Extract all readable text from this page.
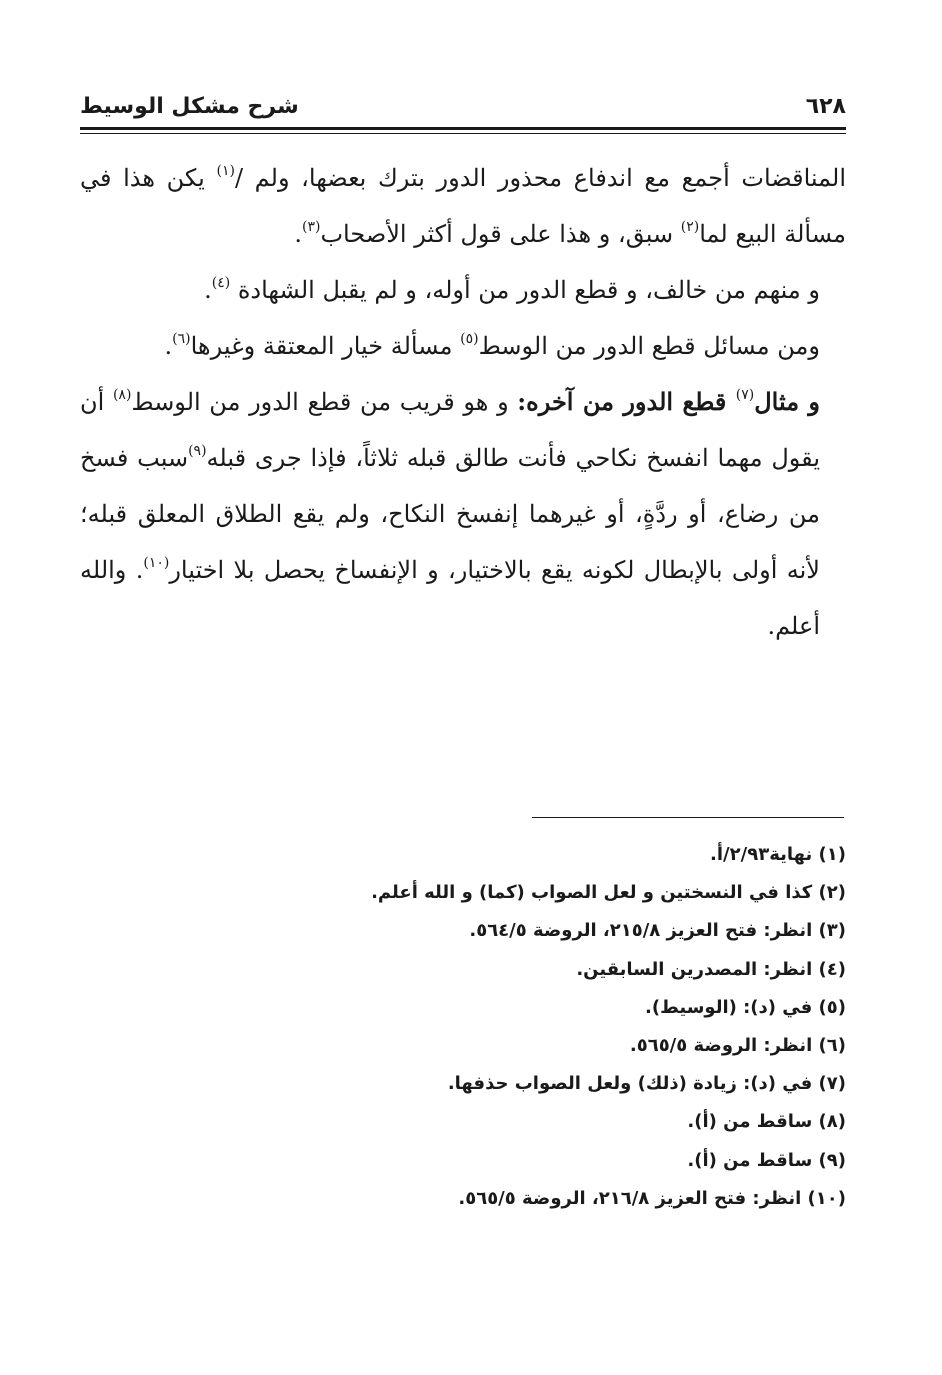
٦٢٨
شرح مشكل الوسيط

المناقضات أجمع مع اندفاع محذور الدور بترك بعضها، ولم /$^{(١)}$ يكن هذا في مسألة البيع لما$^{(٢)}$ سبق، و هذا على قول أكثر الأصحاب$^{(٣)}$.

و منهم من خالف، و قطع الدور من أوله، و لم يقبل الشهادة $^{(٤)}$.

ومن مسائل قطع الدور من الوسط$^{(٥)}$ مسألة خيار المعتقة وغيرها$^{(٦)}$.

و مثال$^{(٧)}$ قطع الدور من آخره: و هو قريب من قطع الدور من الوسط$^{(٨)}$ أن يقول مهما انفسخ نكاحي فأنت طالق قبله ثلاثاً، فإذا جرى قبله$^{(٩)}$سبب فسخ من رضاع، أو ردَّةٍ، أو غيرهما إنفسخ النكاح، ولم يقع الطلاق المعلق قبله؛ لأنه أولى بالإبطال لكونه يقع بالاختيار، و الإنفساخ يحصل بلا اختيار$^{(١٠)}$. والله أعلم.

(١) نهاية٢/٩٣/أ.

(٢) كذا في النسختين و لعل الصواب (كما) و الله أعلم.

(٣) انظر: فتح العزيز ٢١٥/٨، الروضة ٥٦٤/٥.

(٤) انظر: المصدرين السابقين.

(٥) في (د): (الوسيط).

(٦) انظر: الروضة ٥٦٥/٥.

(٧) في (د): زيادة (ذلك) ولعل الصواب حذفها.

(٨) ساقط من (أ).

(٩) ساقط من (أ).

(١٠) انظر: فتح العزيز ٢١٦/٨، الروضة ٥٦٥/٥.
